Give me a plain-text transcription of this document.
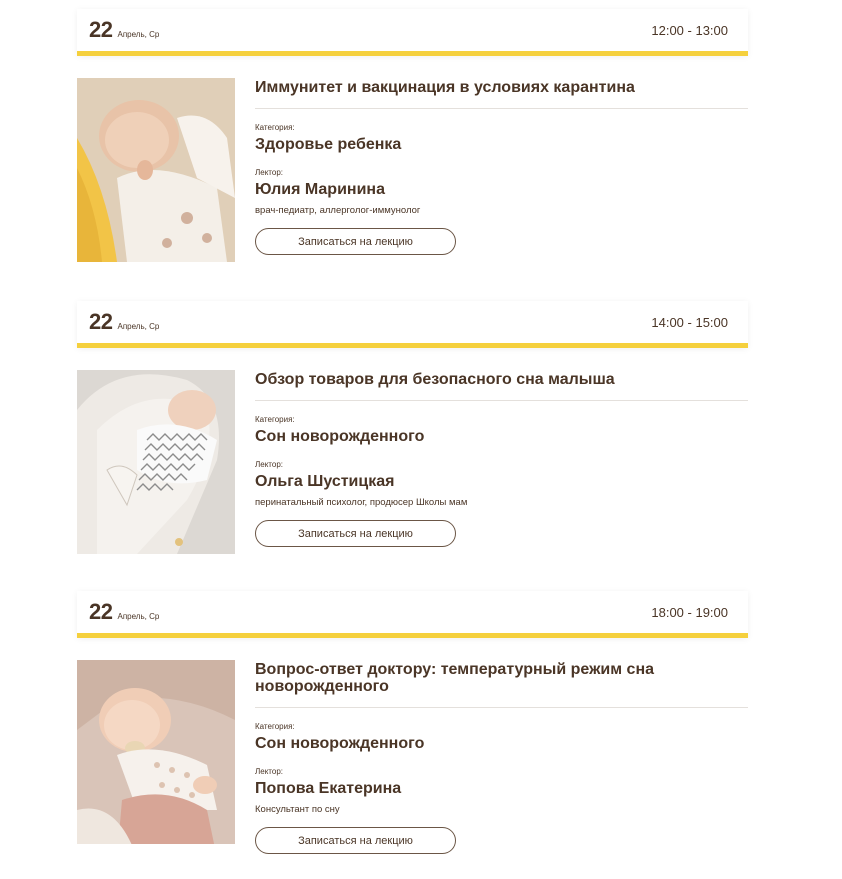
22 Апрель, Ср	12:00 - 13:00
Иммунитет и вакцинация в условиях карантина
Категория:
Здоровье ребенка
Лектор:
Юлия Маринина
врач-педиатр, аллерголог-иммунолог
Записаться на лекцию
22 Апрель, Ср	14:00 - 15:00
Обзор товаров для безопасного сна малыша
Категория:
Сон новорожденного
Лектор:
Ольга Шустицкая
перинатальный психолог, продюсер Школы мам
Записаться на лекцию
22 Апрель, Ср	18:00 - 19:00
Вопрос-ответ доктору: температурный режим сна новорожденного
Категория:
Сон новорожденного
Лектор:
Попова Екатерина
Консультант по сну
Записаться на лекцию
